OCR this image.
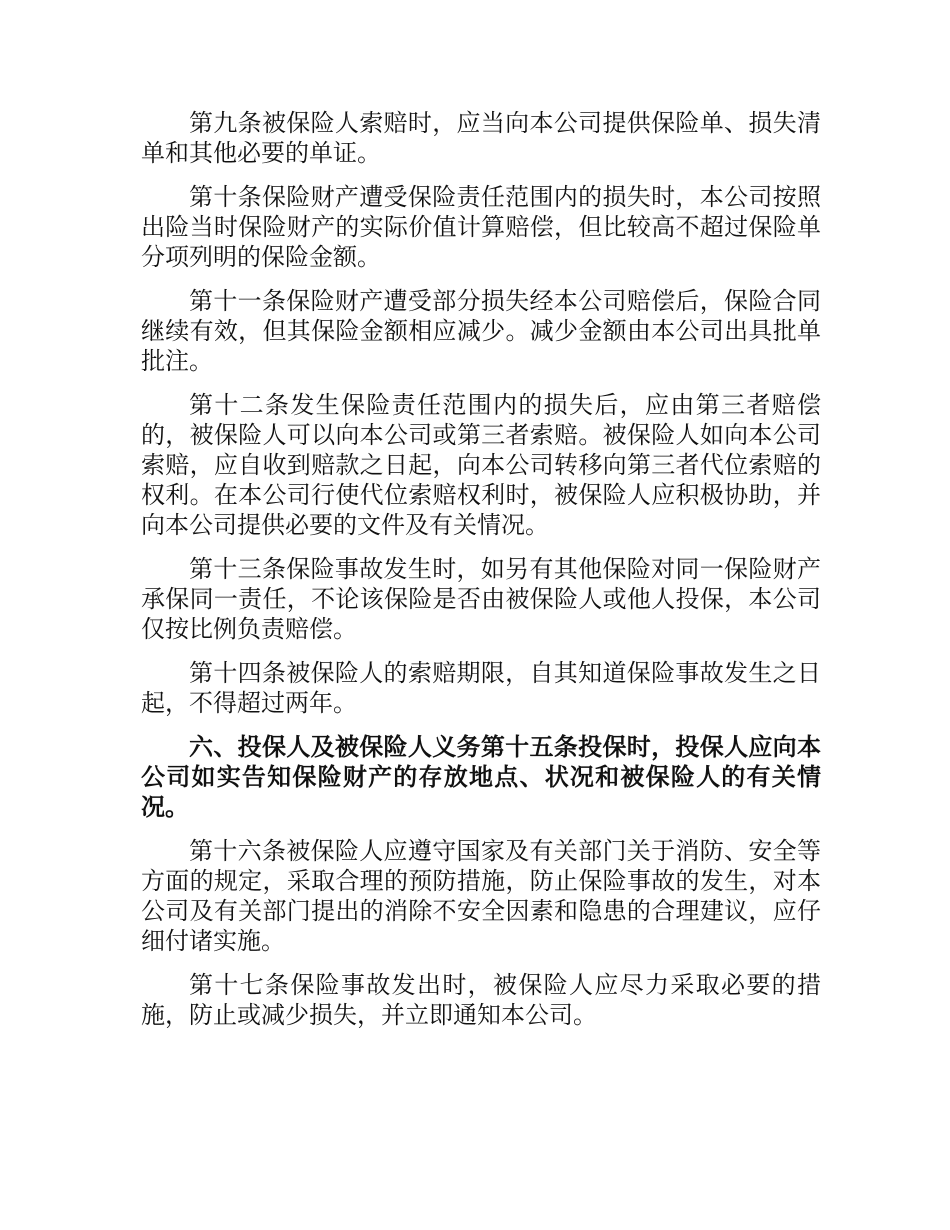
第九条被保险人索赔时，应当向本公司提供保险单、损失清单和其他必要的单证。

第十条保险财产遭受保险责任范围内的损失时，本公司按照出险当时保险财产的实际价值计算赔偿，但比较高不超过保险单分项列明的保险金额。

第十一条保险财产遭受部分损失经本公司赔偿后，保险合同继续有效，但其保险金额相应减少。减少金额由本公司出具批单批注。

第十二条发生保险责任范围内的损失后，应由第三者赔偿的，被保险人可以向本公司或第三者索赔。被保险人如向本公司索赔，应自收到赔款之日起，向本公司转移向第三者代位索赔的权利。在本公司行使代位索赔权利时，被保险人应积极协助，并向本公司提供必要的文件及有关情况。

第十三条保险事故发生时，如另有其他保险对同一保险财产承保同一责任，不论该保险是否由被保险人或他人投保，本公司仅按比例负责赔偿。

第十四条被保险人的索赔期限，自其知道保险事故发生之日起，不得超过两年。

六、投保人及被保险人义务第十五条投保时，投保人应向本公司如实告知保险财产的存放地点、状况和被保险人的有关情况。

第十六条被保险人应遵守国家及有关部门关于消防、安全等方面的规定，采取合理的预防措施，防止保险事故的发生，对本公司及有关部门提出的消除不安全因素和隐患的合理建议，应仔细付诸实施。

第十七条保险事故发出时，被保险人应尽力采取必要的措施，防止或减少损失，并立即通知本公司。
